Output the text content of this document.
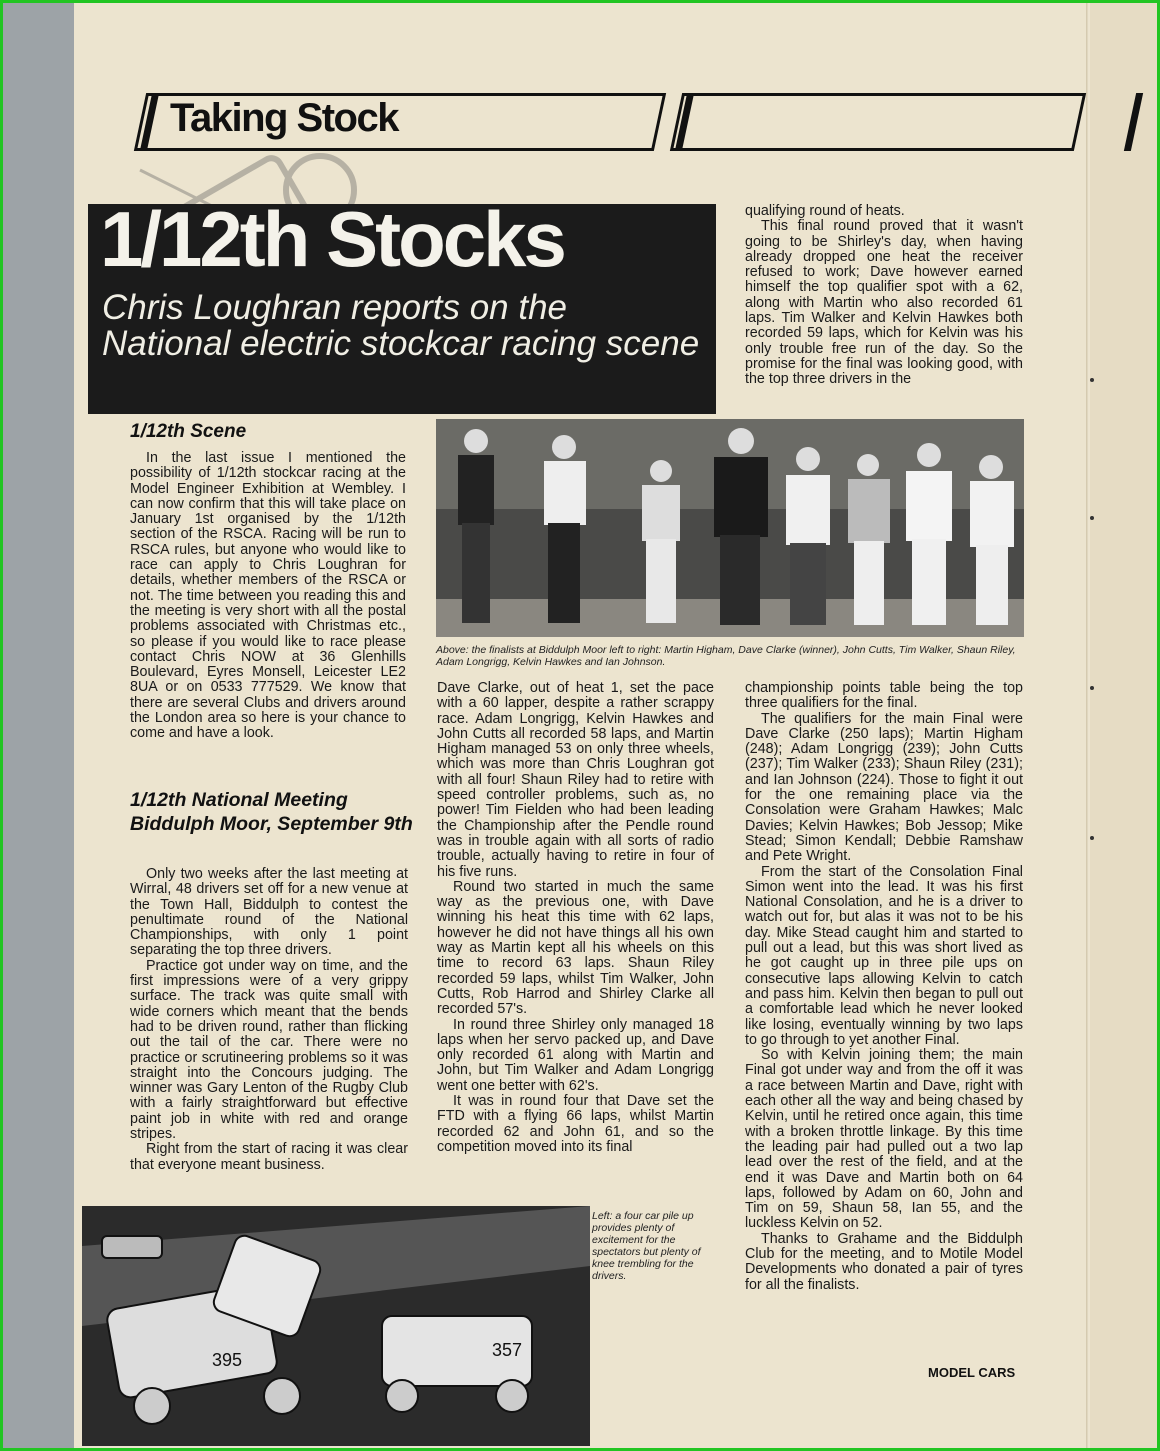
Taking Stock
1/12th Stocks
Chris Loughran reports on the National electric stockcar racing scene
1/12th Scene

In the last issue I mentioned the possibility of 1/12th stockcar racing at the Model Engineer Exhibition at Wembley. I can now confirm that this will take place on January 1st organised by the 1/12th section of the RSCA. Racing will be run to RSCA rules, but anyone who would like to race can apply to Chris Loughran for details, whether members of the RSCA or not. The time between you reading this and the meeting is very short with all the postal problems associated with Christmas etc., so please if you would like to race please contact Chris NOW at 36 Glenhills Boulevard, Eyres Monsell, Leicester LE2 8UA or on 0533 777529. We know that there are several Clubs and drivers around the London area so here is your chance to come and have a look.

1/12th National Meeting Biddulph Moor, September 9th

Only two weeks after the last meeting at Wirral, 48 drivers set off for a new venue at the Town Hall, Biddulph to contest the penultimate round of the National Championships, with only 1 point separating the top three drivers.

Practice got under way on time, and the first impressions were of a very grippy surface. The track was quite small with wide corners which meant that the bends had to be driven round, rather than flicking out the tail of the car. There were no practice or scrutineering problems so it was straight into the Concours judging. The winner was Gary Lenton of the Rugby Club with a fairly straightforward but effective paint job in white with red and orange stripes.

Right from the start of racing it was clear that everyone meant business.

Above: the finalists at Biddulph Moor left to right: Martin Higham, Dave Clarke (winner), John Cutts, Tim Walker, Shaun Riley, Adam Longrigg, Kelvin Hawkes and Ian Johnson.

qualifying round of heats.

This final round proved that it wasn't going to be Shirley's day, when having already dropped one heat the receiver refused to work; Dave however earned himself the top qualifier spot with a 62, along with Martin who also recorded 61 laps. Tim Walker and Kelvin Hawkes both recorded 59 laps, which for Kelvin was his only trouble free run of the day. So the promise for the final was looking good, with the top three drivers in the

Dave Clarke, out of heat 1, set the pace with a 60 lapper, despite a rather scrappy race. Adam Longrigg, Kelvin Hawkes and John Cutts all recorded 58 laps, and Martin Higham managed 53 on only three wheels, which was more than Chris Loughran got with all four! Shaun Riley had to retire with speed controller problems, such as, no power! Tim Fielden who had been leading the Championship after the Pendle round was in trouble again with all sorts of radio trouble, actually having to retire in four of his five runs.

Round two started in much the same way as the previous one, with Dave winning his heat this time with 62 laps, however he did not have things all his own way as Martin kept all his wheels on this time to record 63 laps. Shaun Riley recorded 59 laps, whilst Tim Walker, John Cutts, Rob Harrod and Shirley Clarke all recorded 57's.

In round three Shirley only managed 18 laps when her servo packed up, and Dave only recorded 61 along with Martin and John, but Tim Walker and Adam Longrigg went one better with 62's.

It was in round four that Dave set the FTD with a flying 66 laps, whilst Martin recorded 62 and John 61, and so the competition moved into its final

championship points table being the top three qualifiers for the final.

The qualifiers for the main Final were Dave Clarke (250 laps); Martin Higham (248); Adam Longrigg (239); John Cutts (237); Tim Walker (233); Shaun Riley (231); and Ian Johnson (224). Those to fight it out for the one remaining place via the Consolation were Graham Hawkes; Malc Davies; Kelvin Hawkes; Bob Jessop; Mike Stead; Simon Kendall; Debbie Ramshaw and Pete Wright.

From the start of the Consolation Final Simon went into the lead. It was his first National Consolation, and he is a driver to watch out for, but alas it was not to be his day. Mike Stead caught him and started to pull out a lead, but this was short lived as he got caught up in three pile ups on consecutive laps allowing Kelvin to catch and pass him. Kelvin then began to pull out a comfortable lead which he never looked like losing, eventually winning by two laps to go through to yet another Final.

So with Kelvin joining them; the main Final got under way and from the off it was a race between Martin and Dave, right with each other all the way and being chased by Kelvin, until he retired once again, this time with a broken throttle linkage. By this time the leading pair had pulled out a two lap lead over the rest of the field, and at the end it was Dave and Martin both on 64 laps, followed by Adam on 60, John and Tim on 59, Shaun 58, Ian 55, and the luckless Kelvin on 52.

Thanks to Grahame and the Biddulph Club for the meeting, and to Motile Model Developments who donated a pair of tyres for all the finalists.

395	357
Left: a four car pile up provides plenty of excitement for the spectators but plenty of knee trembling for the drivers.
MODEL CARS
